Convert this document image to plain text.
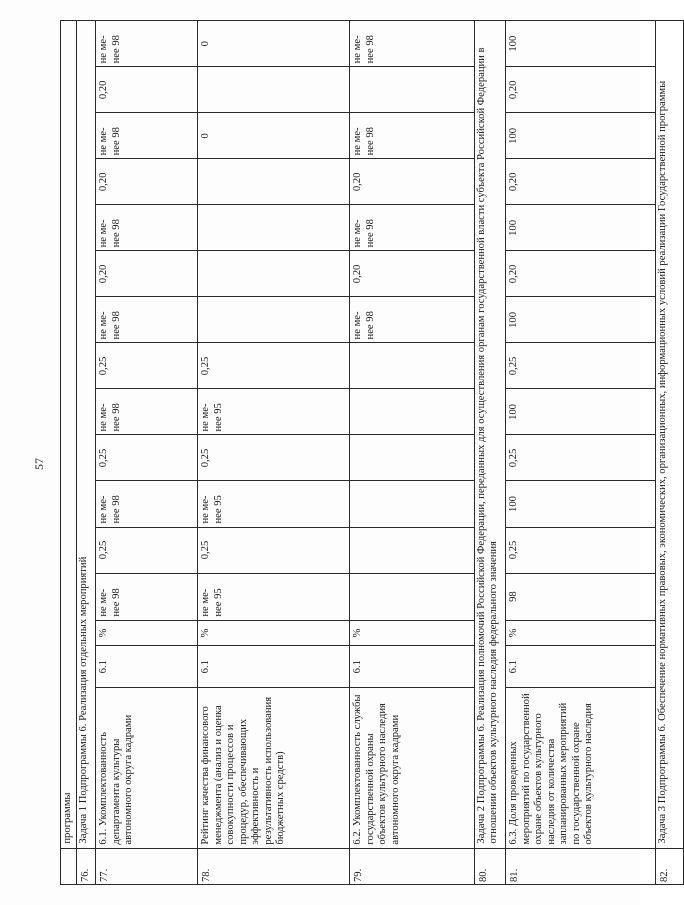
57
	программы															
76.	Задача 1 Подпрограммы 6. Реализация отдельных мероприятий															
77.	6.1. Укомплектованность департамента культуры автономного округа кадрами	6.1	%	не ме-нее 98	0,25	не ме-нее 98	0,25	не ме-нее 98	0,25	не ме-нее 98	0,20	не ме-нее 98	0,20	не ме-нее 98	0,20	не ме-нее 98
78.	Рейтинг качества финансового менеджмента (анализ и оценка совокупности процессов и процедур, обеспечивающих эффективность и результативность использования бюджетных средств)	6.1	%	не ме-нее 95	0,25	не ме-нее 95	0,25	не ме-нее 95	0,25					0		0
79.	6.2. Укомплектованность службы государственной охраны объектов культурного наследия автономного округа кадрами	6.1	%							не ме-нее 98	0,20	не ме-нее 98	0,20	не ме-нее 98		не ме-нее 98
80.	Задача 2 Подпрограммы 6. Реализация полномочий Российской Федерации, переданных для осуществления органам государственной власти субъекта Российской Федерации в отношении объектов культурного наследия федерального значения															
81.	6.3. Доля проведенных мероприятий по государственной охране объектов культурного наследия от количества запланированных мероприятий по государственной охране объектов культурного наследия	6.1	%	98	0,25	100	0,25	100	0,25	100	0,20	100	0,20	100	0,20	100
82.	Задача 3 Подпрограммы 6. Обеспечение нормативных правовых, экономических, организационных, информационных условий реализации Государственной программы															
